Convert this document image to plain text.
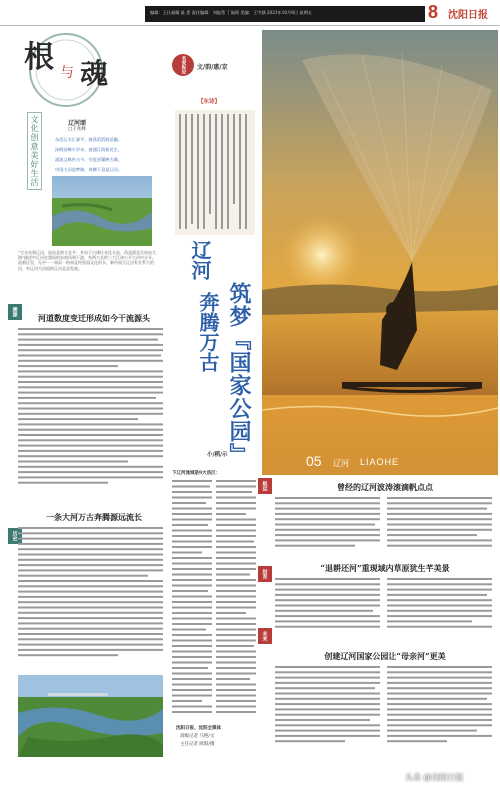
编辑：王仕福耀 最 蛋 责任编辑：刘振帮 丁福瑶 美编：王宇涵 2021年10月8日 星期五	8 沈阳日报
根 与 魂
文化创意美好生活	辽河颂
□王兆峰
东西辽水汇源平，鼓荡滔滔润沃疆。
泽润田畴丰岁阜，波通江海景民生。
涌流文脉传古今，夸览星繁映古城。
中国大河追梦路，奔腾不息是辽河。
“它水东到辽河，流东北则又北平，并由于古谭仕业化水县，西直面北岳向东大海”描述中辽河在我国的东南风和下游，有两大长的三大江州公平大河中分开。流着区里，无中一一南而一的南北经验国文化的水，新中国大辽河有关系大的河，有辽河大河流的辽河北县发展。
溯源
河道数度变迁形成如今干流源头
历史
一条大河万古奔腾源远流长
名家纵论 文/韵/惠/京
【东诗】
辽河
筑梦『国家公园』
奔腾万古
小/稻/示
下辽河流域是9大县区：
沈阳日报、沈阳全媒体
高级记者 马艳/文
主任记者 欧阳/摄
05 辽河 LIAOHE
航运	曾经的辽河波涛滚滴帆点点
封育
“退耕还河”重现域内草原犹生芊美景
未来
创建辽河国家公园让“母亲河”更美
头条 @沈阳日报
